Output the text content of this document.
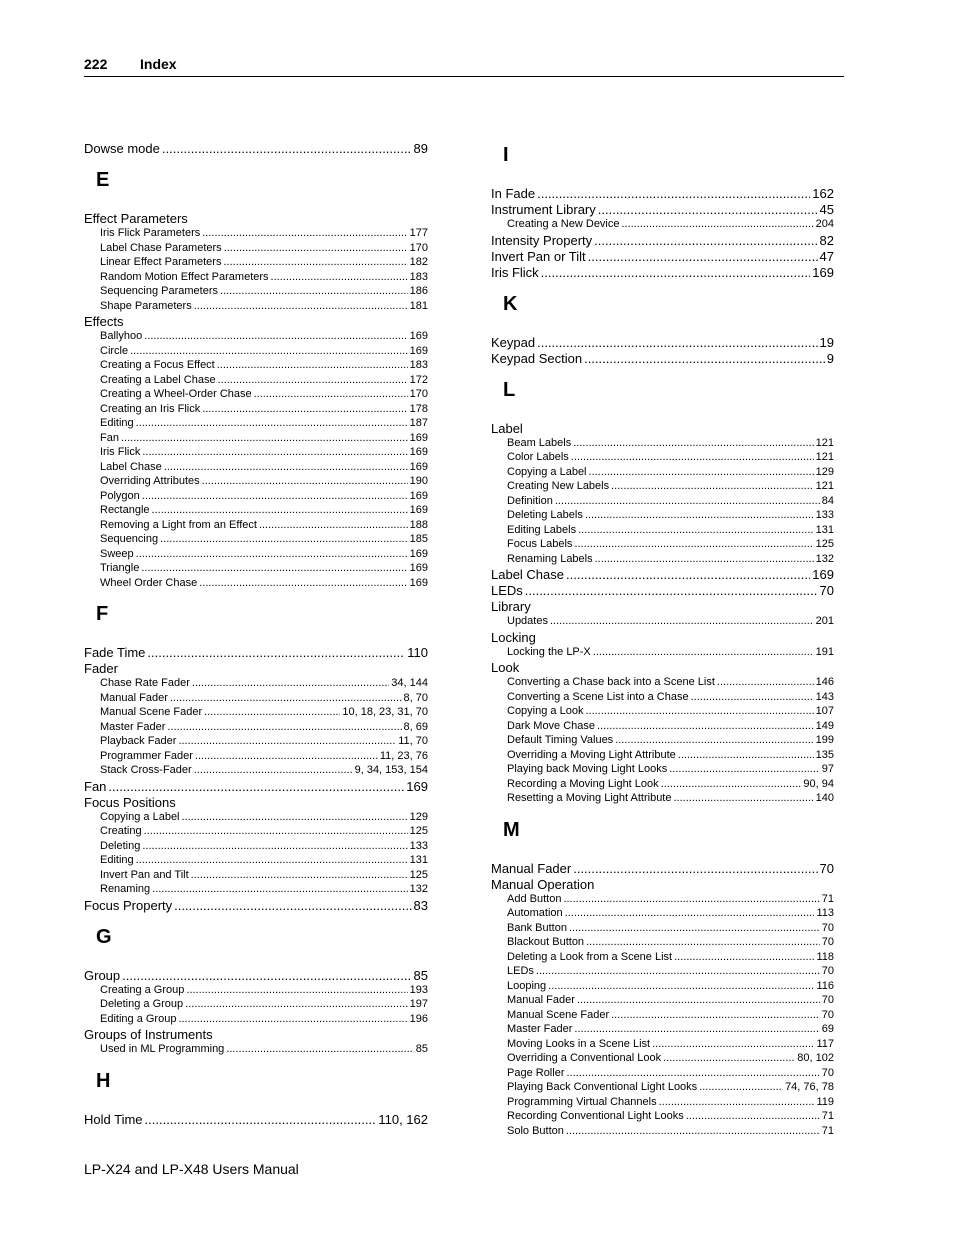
222 Index
Dowse mode .....	89
E
Effect Parameters
Iris Flick Parameters .....	177
Label Chase Parameters .....	170
Linear Effect Parameters .....	182
Random Motion Effect Parameters .....	183
Sequencing Parameters .....	186
Shape Parameters .....	181
Effects
Ballyhoo .....	169
Circle .....	169
Creating a Focus Effect .....	183
Creating a Label Chase .....	172
Creating a Wheel-Order Chase .....	170
Creating an Iris Flick .....	178
Editing .....	187
Fan .....	169
Iris Flick .....	169
Label Chase .....	169
Overriding Attributes .....	190
Polygon .....	169
Rectangle .....	169
Removing a Light from an Effect .....	188
Sequencing .....	185
Sweep .....	169
Triangle .....	169
Wheel Order Chase .....	169
F
Fade Time .....	110
Fader
Chase Rate Fader .....	34, 144
Manual Fader .....	8, 70
Manual Scene Fader .....	10, 18, 23, 31, 70
Master Fader .....	8, 69
Playback Fader .....	11, 70
Programmer Fader .....	11, 23, 76
Stack Cross-Fader .....	9, 34, 153, 154
Fan .....	169
Focus Positions
Copying a Label .....	129
Creating .....	125
Deleting .....	133
Editing .....	131
Invert Pan and Tilt .....	125
Renaming .....	132
Focus Property .....	83
G
Group .....	85
Creating a Group .....	193
Deleting a Group .....	197
Editing a Group .....	196
Groups of Instruments
Used in ML Programming .....	85
H
Hold Time .....	110, 162
I
In Fade .....	162
Instrument Library .....	45
Creating a New Device .....	204
Intensity Property .....	82
Invert Pan or Tilt .....	47
Iris Flick .....	169
K
Keypad .....	19
Keypad Section .....	9
L
Label
Beam Labels .....	121
Color Labels .....	121
Copying a Label .....	129
Creating New Labels .....	121
Definition .....	84
Deleting Labels .....	133
Editing Labels .....	131
Focus Labels .....	125
Renaming Labels .....	132
Label Chase .....	169
LEDs .....	70
Library
Updates .....	201
Locking
Locking the LP-X .....	191
Look
Converting a Chase back into a Scene List .....	146
Converting a Scene List into a Chase .....	143
Copying a Look .....	107
Dark Move Chase .....	149
Default Timing Values .....	199
Overriding a Moving Light Attribute .....	135
Playing back Moving Light Looks .....	97
Recording a Moving Light Look .....	90, 94
Resetting a Moving Light Attribute .....	140
M
Manual Fader .....	70
Manual Operation
Add Button .....	71
Automation .....	113
Bank Button .....	70
Blackout Button .....	70
Deleting a Look from a Scene List .....	118
LEDs .....	70
Looping .....	116
Manual Fader .....	70
Manual Scene Fader .....	70
Master Fader .....	69
Moving Looks in a Scene List .....	117
Overriding a Conventional Look .....	80, 102
Page Roller .....	70
Playing Back Conventional Light Looks .....	74, 76, 78
Programming Virtual Channels .....	119
Recording Conventional Light Looks .....	71
Solo Button .....	71
LP-X24 and LP-X48 Users Manual
